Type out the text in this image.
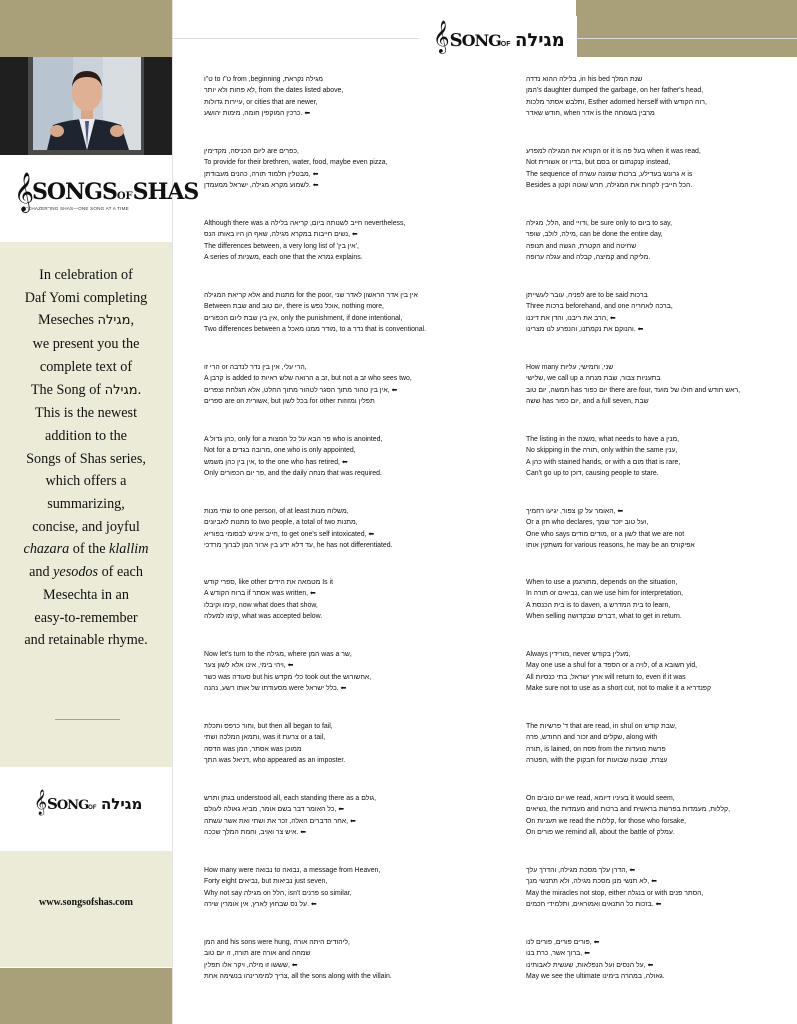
𝄞
SONGSOFSHAS
"CHAZER"ING SHAS—ONE SONG AT A TIME
In celebration of
Daf Yomi completing
Meseches מגילה,
we present you the
complete text of
The Song of מגילה.
This is the newest
addition to the
Songs of Shas series,
which offers a
summarizing,
concise, and joyful
chazara of the klallim
and yesodos of each
Mesechta in an
easy-to-remember
and retainable rhyme.
𝄞SONGOF מגילה
www.songsofshas.com
𝄞SONGOF מגילה
ט"ו to ט"ו from ,beginning ,מגילה נקראת
לא פחות ולא יותר, from the dates listed above,
עיירות גדולות, or cities that are newer,
כרכין המוקפין חומה, מימות יהושע. ⬅
ליום הכניסה, מקדימין are כפרים,
To provide for their brethren, water, food, maybe even pizza,
מבטלין תלמוד תורה, כהנים מעבודתן, ⬅
לשמוע מקרא מגילה, ישראל ממעמדן. ⬅
Although there was a חייב לשנותה ביום, קריאה בלילה nevertheless,
נשים חייבות במקרא מגילה, שאף הן היו באותו הנס, ⬅
The differences between, a very long list of 'אין בין',
A series of משניות, each one that the גמרא explains.
אלא קריאת המגילה and מתנות for the poor, אין בין אדר הראשון לאדר שני
Between שבת and יום טוב, there is אוכל נפש, nothing more,
אין בין שבת ליום הכפורים, only the punishment, if done intentional,
Two differences between a מודר ממנו מאכל, to a נדר that is conventional.
הרי זו or הרי עלי, אין בין נדר לנדבה,
A קרבן is added to הרואה שלש ראיות a זב, but not a זב who sees two,
אין בין טהור מתוך הסגר לטהור מתוך החלט, אלא תגלחת וצפרים, ⬅
ספרים are on אשורית, but בכל לשון for other תפלין ומזוזות
A כהן גדול, only for a פר הבא על כל המצות who is anointed,
Not for a מרובה בגדים, one who is only appointed,
אין בין כהן משמש, to the one who has retired, ⬅
Only פר יום הכפורים, and the daily מנחה that was required.
שתי מנות to one person, of at least משלוח מנות,
מתנות לאביונים to two people, a total of two מתנות,
חייב איניש לבסומי בפוריא, to get one's self intoxicated, ⬅
עד דלא ידע בין ארור המן לברוך מרדכי, he has not differentiated.
ספרי קודש, like other מטמאה את הידים Is it
A ברוח הקודש if אסתר was written, ⬅
קימו וקיבלו, now what does that show,
קימו למעלה, what was accepted below.
Now let's turn to the מגילה, where המן was a שר,
ויהי בימי, אינו אלא לשון צער, ⬅
כשר was סעודה but his כלי מקדש took out the אחשורוש,
מסעודתו של אותו רשע, נהנה were כלל ישראל. ⬅
וחור כרפס ותכלת, but then all began to fail,
ותמאן המלכה ושתי, was it צרעת or a tail,
הדסה was אסתר, המן was ממוכן
התך was דניאל, who appeared as an imposter.
בגתן ותרש understood all, each standing there as a גולם,
כל האומר דבר בשם אומר, מביא גאולה לעולם, ⬅
אחר הדברים האלה, זכר את ושתי ואת אשר עשתה, ⬅
איש צר ואויב, וחמת המלך שככה. ⬅
How many were נבואה to נבואה, a message from Heaven,
Forty eight נביאים, but נביאות just seven,
Why not say מגילה on הלל, isn't פרנים so similar,
על נס שבחוץ לארץ, אין אומרין שירה. ⬅
המן and his sons were hung, ליהודים היתה אורה,
תורה, זו יום טוב are אורה and שמחה
שששו זו מילה, ויקר אלו תפלין, ⬅
צריך למימרינהו בנשימה אחת, all the sons along with the villain.
בלילה ההוא נדדה ,in his bed שנת המלך
המן's daughter dumped the garbage, on her father's head,
ותלבש אסתר מלכות, Esther adorned herself with רוח הקודש,
חודש שאדר, when אדר is the מרבין בשמחה
הקורא את המגילה למפרע or it is בעל פה when it was read,
Not אשורית or בדיו, but בסם or קנקנתום instead,
The sequence of א גרונש בעדילע, ברכות שמונה עשרה is
Besides a הכל חייבין לקרות את המגילה, חרש שוטה וקטן.
הלל, מגילה, and ודויי, be sure only to ביום to say,
מילה, לולב, שופר, can be done the entire day,
תנופה and הקטרת, הגשה and שחיטה
עגלה ערופה and קמיצה, קבלה and מליקה.
לפניה, עובר לעשייתן are to be said ברכות
Three ברכות beforehand, and one ברכה לאחריה,
הרב את ריבנו, והדן את דיננו, ⬅
והנוקם את נקמתנו, והנפרע לנו מצרינו. ⬅
How many שני, וחמישי, עליות
שלישי, we call up a בתעניות צבור, שבת מנחה
חמשה, יום טוב has יום כפור there are four, חולו של מועד and ראש חודש,
ששה has יום כפור, and a full seven, שבת
The listing in the משנה, what needs to have a מנין,
No skipping in the תורה, only within the same ענין,
A כהן with stained hands, or with a מום that is rare,
Can't go up to דוכן, causing people to stare.
האומר על קן צפור, יגיעו רחמיך, ⬅
Or a חזן who declares, ועל טוב יזכר שמך,
One who says מודים מודים, or a לשון that we are not
משתקין אותו for various reasons, he may be an אפיקורס
When to use a מתורגמן, depends on the situation,
In תורה or נביאים, can we use him for interpretation,
A בית הכנסת is to daven, a בית המדרש to learn,
When selling דברים שבקדושה, what to get in return.
Always מורידין, never מעלין בקודש,
May one use a shul for a הספד or a לויה, of a חשובא yid,
All ארץ ישראל, בתי כנסיות will return to, even if it was
Make sure not to use as a short cut, not to make it a קפנדריא
The ד' פרשיות that are read, in shul on שבת קודש,
החודש, פרה and זכור and שקלים, along with
תורה, is lained, on פסח from the פרשת מועדות
הפטרה, with the חבקוק for עצרת, שבעה שבועות
On יום טובים we read, בעיניו דיומא it would seem,
נשיאים, the מעמדות and ברכות and קללות, מעמדות בפרשת בראשית,
On תעניות we read the קללות, for those who forsake,
On פורים we remind all, about the battle of עמלק.
הדרן עלך מסכת מגילה, והדרך עלך, ⬅
לא תנשי מנן מסכת מגילה, ולא תתנשי מנך, ⬅
May the miracles not stop, either בנגלה or with הסתר פנים,
בזכות כל התנאים ואמוראים, ותלמידי חכמים. ⬅
פורים פורים, פורים לנו, ⬅
ברוך אשר, כרת בנו, ⬅
על הנסים ועל הנפלאות, שעשית לאבותינו, ⬅
May we see the ultimate גאולה, במהרה בימינו.
